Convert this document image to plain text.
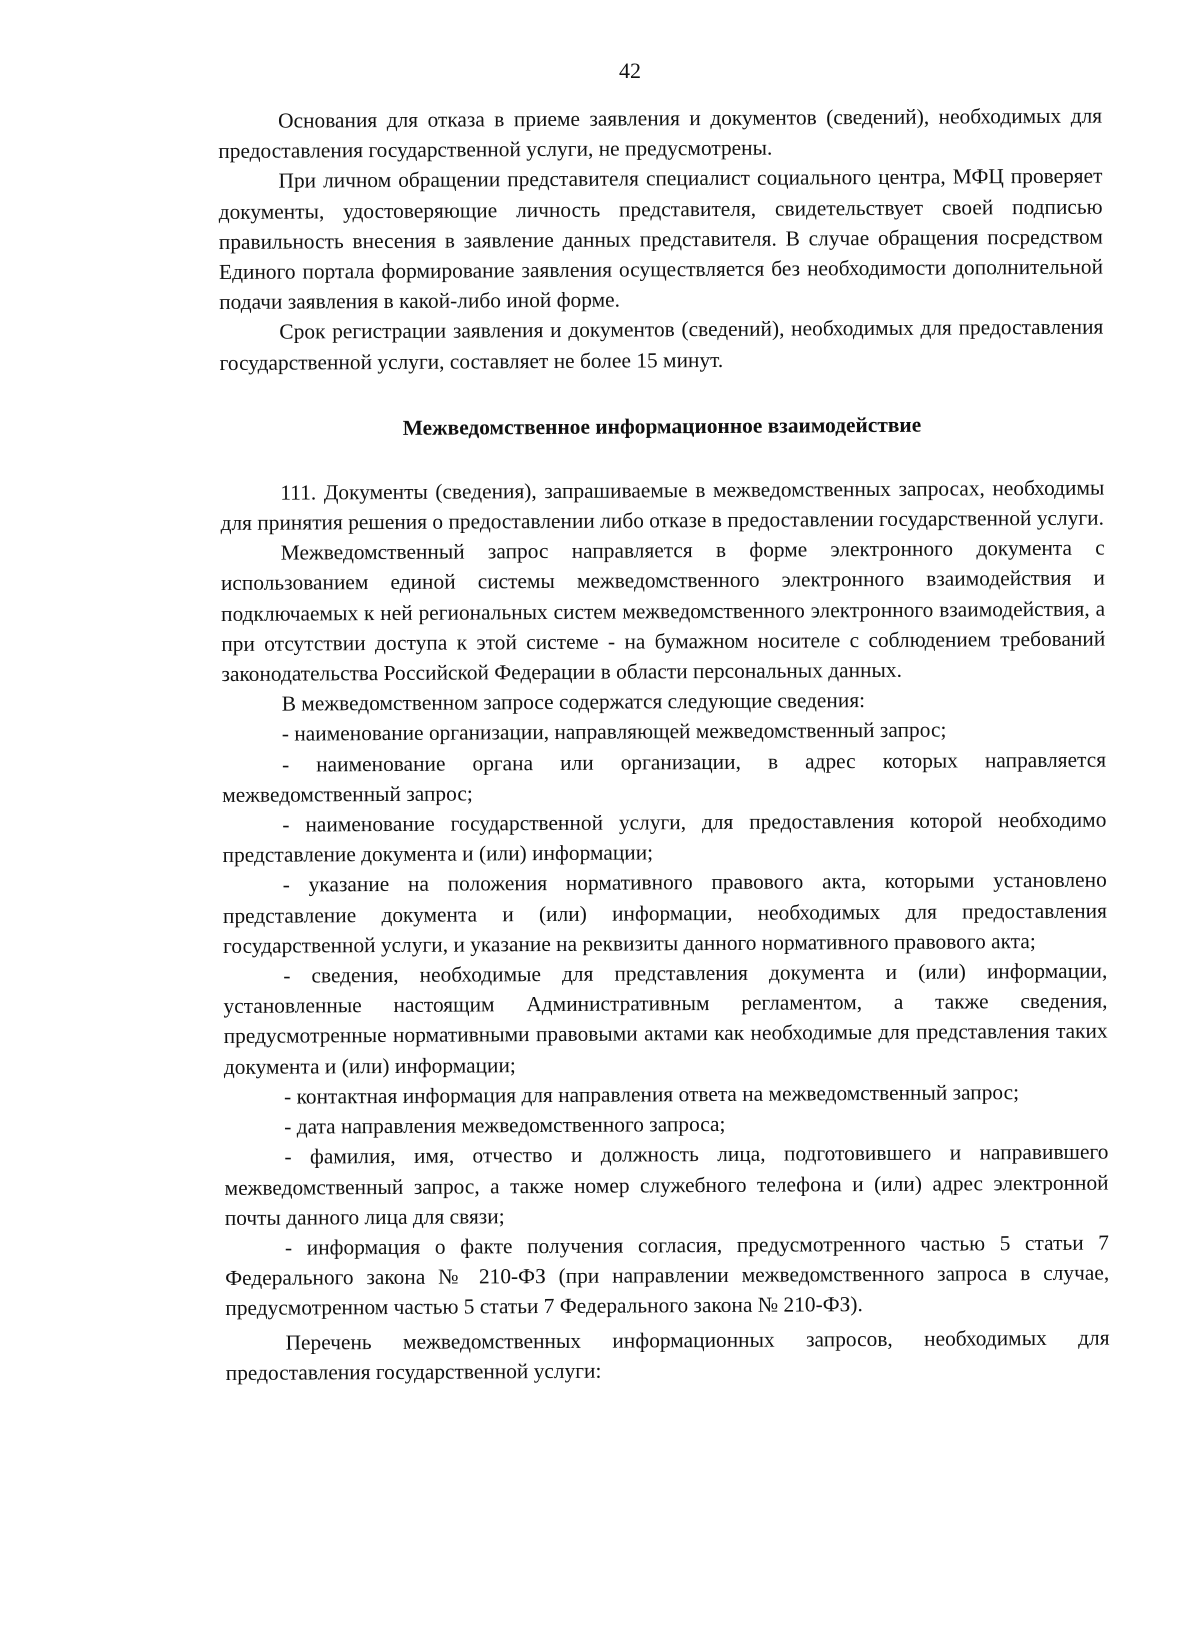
42

Основания для отказа в приеме заявления и документов (сведений), необходимых для предоставления государственной услуги, не предусмотрены.

При личном обращении представителя специалист социального центра, МФЦ проверяет документы, удостоверяющие личность представителя, свидетельствует своей подписью правильность внесения в заявление данных представителя. В случае обращения посредством Единого портала формирование заявления осуществляется без необходимости дополнительной подачи заявления в какой-либо иной форме.

Срок регистрации заявления и документов (сведений), необходимых для предоставления государственной услуги, составляет не более 15 минут.

Межведомственное информационное взаимодействие

111. Документы (сведения), запрашиваемые в межведомственных запросах, необходимы для принятия решения о предоставлении либо отказе в предоставлении государственной услуги.

Межведомственный запрос направляется в форме электронного документа с использованием единой системы межведомственного электронного взаимодействия и подключаемых к ней региональных систем межведомственного электронного взаимодействия, а при отсутствии доступа к этой системе - на бумажном носителе с соблюдением требований законодательства Российской Федерации в области персональных данных.

В межведомственном запросе содержатся следующие сведения:

- наименование организации, направляющей межведомственный запрос;
- наименование органа или организации, в адрес которых направляется межведомственный запрос;
- наименование государственной услуги, для предоставления которой необходимо представление документа и (или) информации;
- указание на положения нормативного правового акта, которыми установлено представление документа и (или) информации, необходимых для предоставления государственной услуги, и указание на реквизиты данного нормативного правового акта;
- сведения, необходимые для представления документа и (или) информации, установленные настоящим Административным регламентом, а также сведения, предусмотренные нормативными правовыми актами как необходимые для представления таких документа и (или) информации;
- контактная информация для направления ответа на межведомственный запрос;
- дата направления межведомственного запроса;
- фамилия, имя, отчество и должность лица, подготовившего и направившего межведомственный запрос, а также номер служебного телефона и (или) адрес электронной почты данного лица для связи;
- информация о факте получения согласия, предусмотренного частью 5 статьи 7 Федерального закона № 210-ФЗ (при направлении межведомственного запроса в случае, предусмотренном частью 5 статьи 7 Федерального закона № 210-ФЗ).

Перечень межведомственных информационных запросов, необходимых для предоставления государственной услуги:
